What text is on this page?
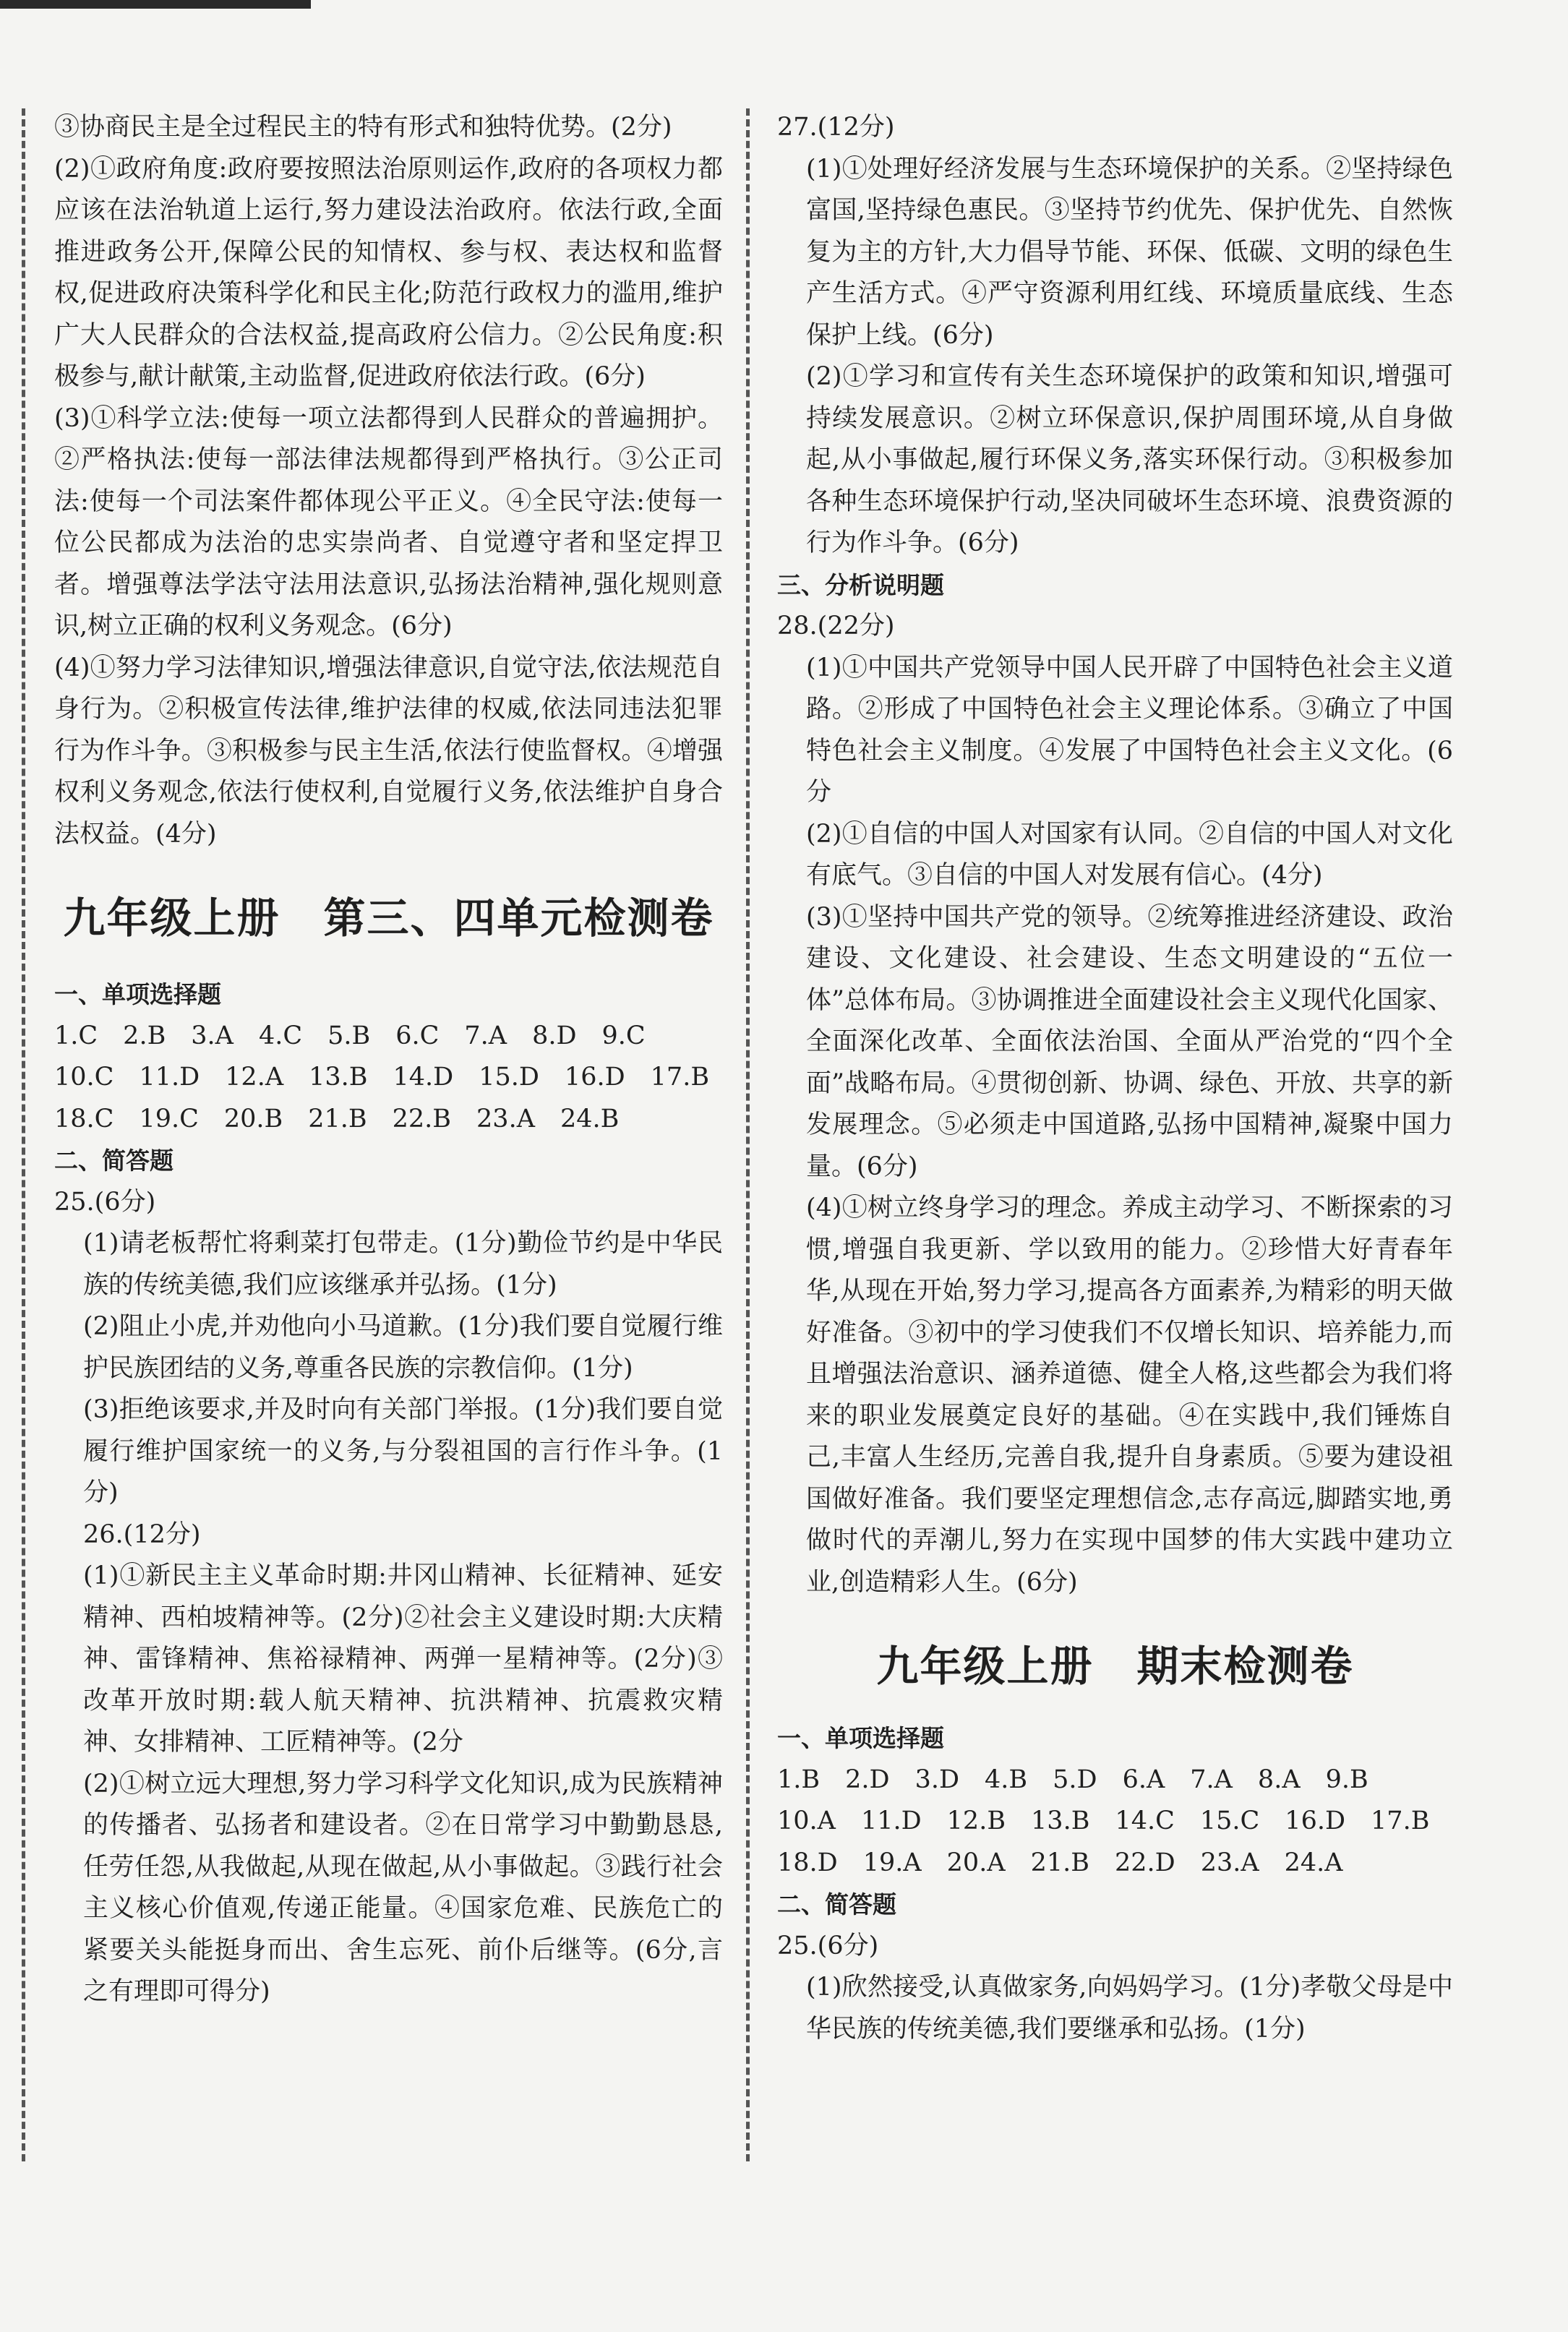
③协商民主是全过程民主的特有形式和独特优势。(2分)

(2)①政府角度:政府要按照法治原则运作,政府的各项权力都应该在法治轨道上运行,努力建设法治政府。依法行政,全面推进政务公开,保障公民的知情权、参与权、表达权和监督权,促进政府决策科学化和民主化;防范行政权力的滥用,维护广大人民群众的合法权益,提高政府公信力。②公民角度:积极参与,献计献策,主动监督,促进政府依法行政。(6分)

(3)①科学立法:使每一项立法都得到人民群众的普遍拥护。②严格执法:使每一部法律法规都得到严格执行。③公正司法:使每一个司法案件都体现公平正义。④全民守法:使每一位公民都成为法治的忠实崇尚者、自觉遵守者和坚定捍卫者。增强尊法学法守法用法意识,弘扬法治精神,强化规则意识,树立正确的权利义务观念。(6分)

(4)①努力学习法律知识,增强法律意识,自觉守法,依法规范自身行为。②积极宣传法律,维护法律的权威,依法同违法犯罪行为作斗争。③积极参与民主生活,依法行使监督权。④增强权利义务观念,依法行使权利,自觉履行义务,依法维护自身合法权益。(4分)

九年级上册　第三、四单元检测卷
一、单项选择题
1.C　2.B　3.A　4.C　5.B　6.C　7.A　8.D　9.C
10.C　11.D　12.A　13.B　14.D　15.D　16.D　17.B
18.C　19.C　20.B　21.B　22.B　23.A　24.B
二、简答题
25.(6分)

(1)请老板帮忙将剩菜打包带走。(1分)勤俭节约是中华民族的传统美德,我们应该继承并弘扬。(1分)

(2)阻止小虎,并劝他向小马道歉。(1分)我们要自觉履行维护民族团结的义务,尊重各民族的宗教信仰。(1分)

(3)拒绝该要求,并及时向有关部门举报。(1分)我们要自觉履行维护国家统一的义务,与分裂祖国的言行作斗争。(1分)

26.(12分)

(1)①新民主主义革命时期:井冈山精神、长征精神、延安精神、西柏坡精神等。(2分)②社会主义建设时期:大庆精神、雷锋精神、焦裕禄精神、两弹一星精神等。(2分)③改革开放时期:载人航天精神、抗洪精神、抗震救灾精神、女排精神、工匠精神等。(2分

(2)①树立远大理想,努力学习科学文化知识,成为民族精神的传播者、弘扬者和建设者。②在日常学习中勤勤恳恳,任劳任怨,从我做起,从现在做起,从小事做起。③践行社会主义核心价值观,传递正能量。④国家危难、民族危亡的紧要关头能挺身而出、舍生忘死、前仆后继等。(6分,言之有理即可得分)

27.(12分)

(1)①处理好经济发展与生态环境保护的关系。②坚持绿色富国,坚持绿色惠民。③坚持节约优先、保护优先、自然恢复为主的方针,大力倡导节能、环保、低碳、文明的绿色生产生活方式。④严守资源利用红线、环境质量底线、生态保护上线。(6分)

(2)①学习和宣传有关生态环境保护的政策和知识,增强可持续发展意识。②树立环保意识,保护周围环境,从自身做起,从小事做起,履行环保义务,落实环保行动。③积极参加各种生态环境保护行动,坚决同破坏生态环境、浪费资源的行为作斗争。(6分)

三、分析说明题
28.(22分)

(1)①中国共产党领导中国人民开辟了中国特色社会主义道路。②形成了中国特色社会主义理论体系。③确立了中国特色社会主义制度。④发展了中国特色社会主义文化。(6分

(2)①自信的中国人对国家有认同。②自信的中国人对文化有底气。③自信的中国人对发展有信心。(4分)

(3)①坚持中国共产党的领导。②统筹推进经济建设、政治建设、文化建设、社会建设、生态文明建设的“五位一体”总体布局。③协调推进全面建设社会主义现代化国家、全面深化改革、全面依法治国、全面从严治党的“四个全面”战略布局。④贯彻创新、协调、绿色、开放、共享的新发展理念。⑤必须走中国道路,弘扬中国精神,凝聚中国力量。(6分)

(4)①树立终身学习的理念。养成主动学习、不断探索的习惯,增强自我更新、学以致用的能力。②珍惜大好青春年华,从现在开始,努力学习,提高各方面素养,为精彩的明天做好准备。③初中的学习使我们不仅增长知识、培养能力,而且增强法治意识、涵养道德、健全人格,这些都会为我们将来的职业发展奠定良好的基础。④在实践中,我们锤炼自己,丰富人生经历,完善自我,提升自身素质。⑤要为建设祖国做好准备。我们要坚定理想信念,志存高远,脚踏实地,勇做时代的弄潮儿,努力在实现中国梦的伟大实践中建功立业,创造精彩人生。(6分)

九年级上册　期末检测卷
一、单项选择题
1.B　2.D　3.D　4.B　5.D　6.A　7.A　8.A　9.B
10.A　11.D　12.B　13.B　14.C　15.C　16.D　17.B
18.D　19.A　20.A　21.B　22.D　23.A　24.A
二、简答题
25.(6分)

(1)欣然接受,认真做家务,向妈妈学习。(1分)孝敬父母是中华民族的传统美德,我们要继承和弘扬。(1分)
